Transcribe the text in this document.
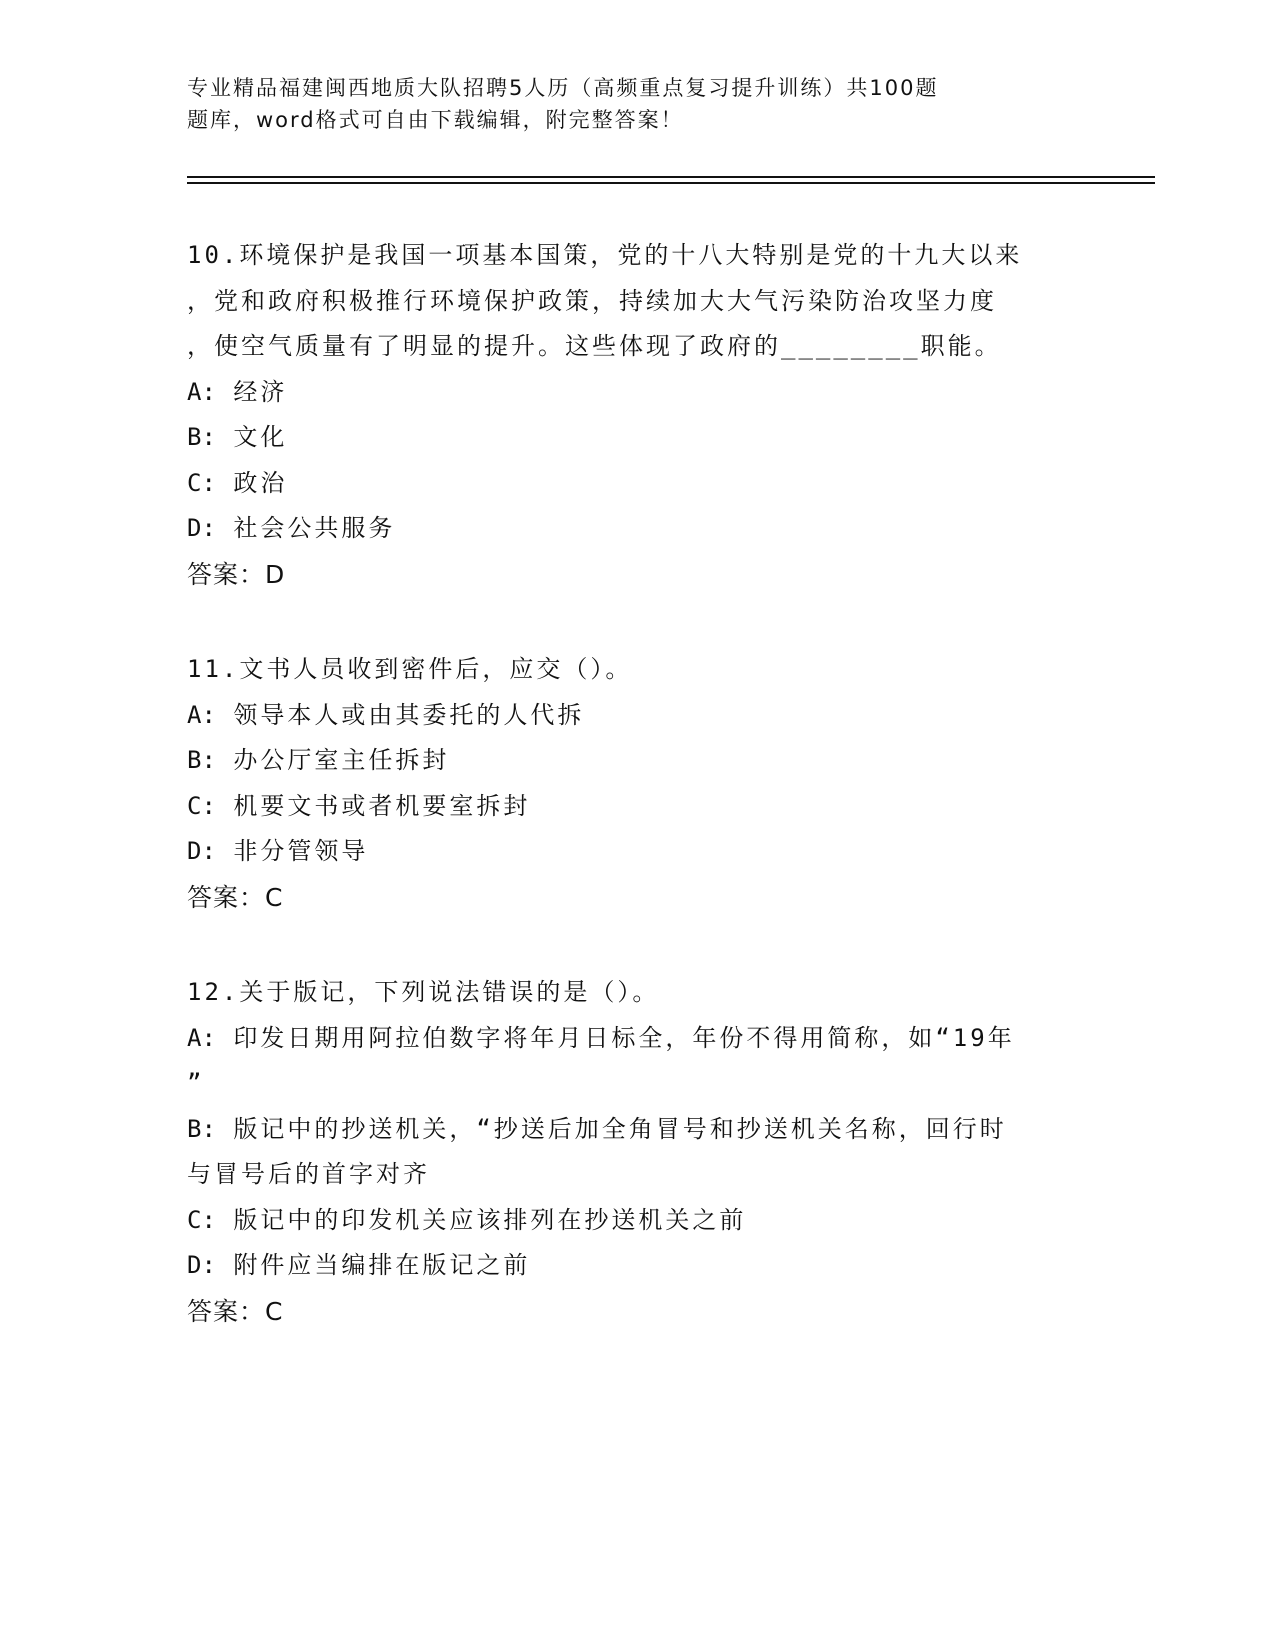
专业精品福建闽西地质大队招聘5人历（高频重点复习提升训练）共100题

题库，word格式可自由下载编辑，附完整答案！

10.环境保护是我国一项基本国策，党的十八大特别是党的十九大以来

，党和政府积极推行环境保护政策，持续加大大气污染防治攻坚力度

，使空气质量有了明显的提升。这些体现了政府的________职能。

A: 经济

B: 文化

C: 政治

D: 社会公共服务

答案：D

11.文书人员收到密件后，应交（）。

A: 领导本人或由其委托的人代拆

B: 办公厅室主任拆封

C: 机要文书或者机要室拆封

D: 非分管领导

答案：C

12.关于版记，下列说法错误的是（）。

A: 印发日期用阿拉伯数字将年月日标全，年份不得用简称，如“19年

”

B: 版记中的抄送机关，“抄送后加全角冒号和抄送机关名称，回行时

与冒号后的首字对齐

C: 版记中的印发机关应该排列在抄送机关之前

D: 附件应当编排在版记之前

答案：C
